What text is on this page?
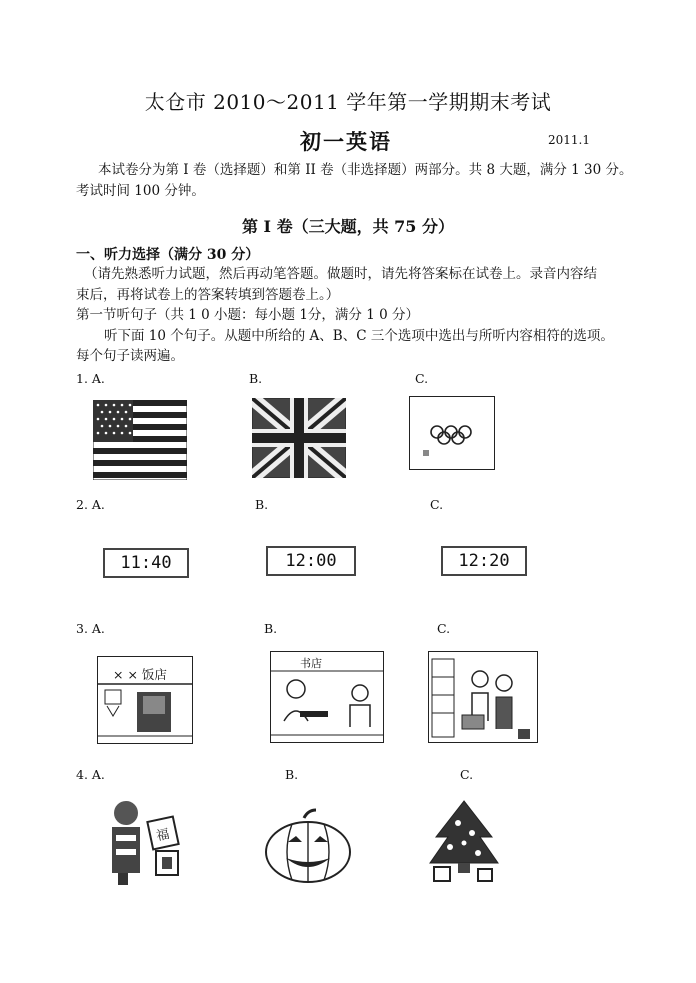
太仓市 2010～2011 学年第一学期期末考试
初一英语	2011.1
本试卷分为第 I 卷（选择题）和第 II 卷（非选择题）两部分。共 8 大题，满分 1 30 分。
考试时间 100 分钟。
第 I 卷（三大题，共 75 分）
一、听力选择（满分 30 分）
（请先熟悉听力试题，然后再动笔答题。做题时，请先将答案标在试卷上。录音内容结
束后，再将试卷上的答案转填到答题卷上。）
第一节听句子（共 1 0 小题：每小题 1分，满分 1 0 分）
听下面 10 个句子。从题中所给的 A、B、C 三个选项中选出与所听内容相符的选项。
每个句子读两遍。
1. A.	B.	C.
2. A.	B.	C.
11:40	12:00	12:20
3. A.	B.	C.
× × 饭店
书店
4. A.	B.	C.
福
